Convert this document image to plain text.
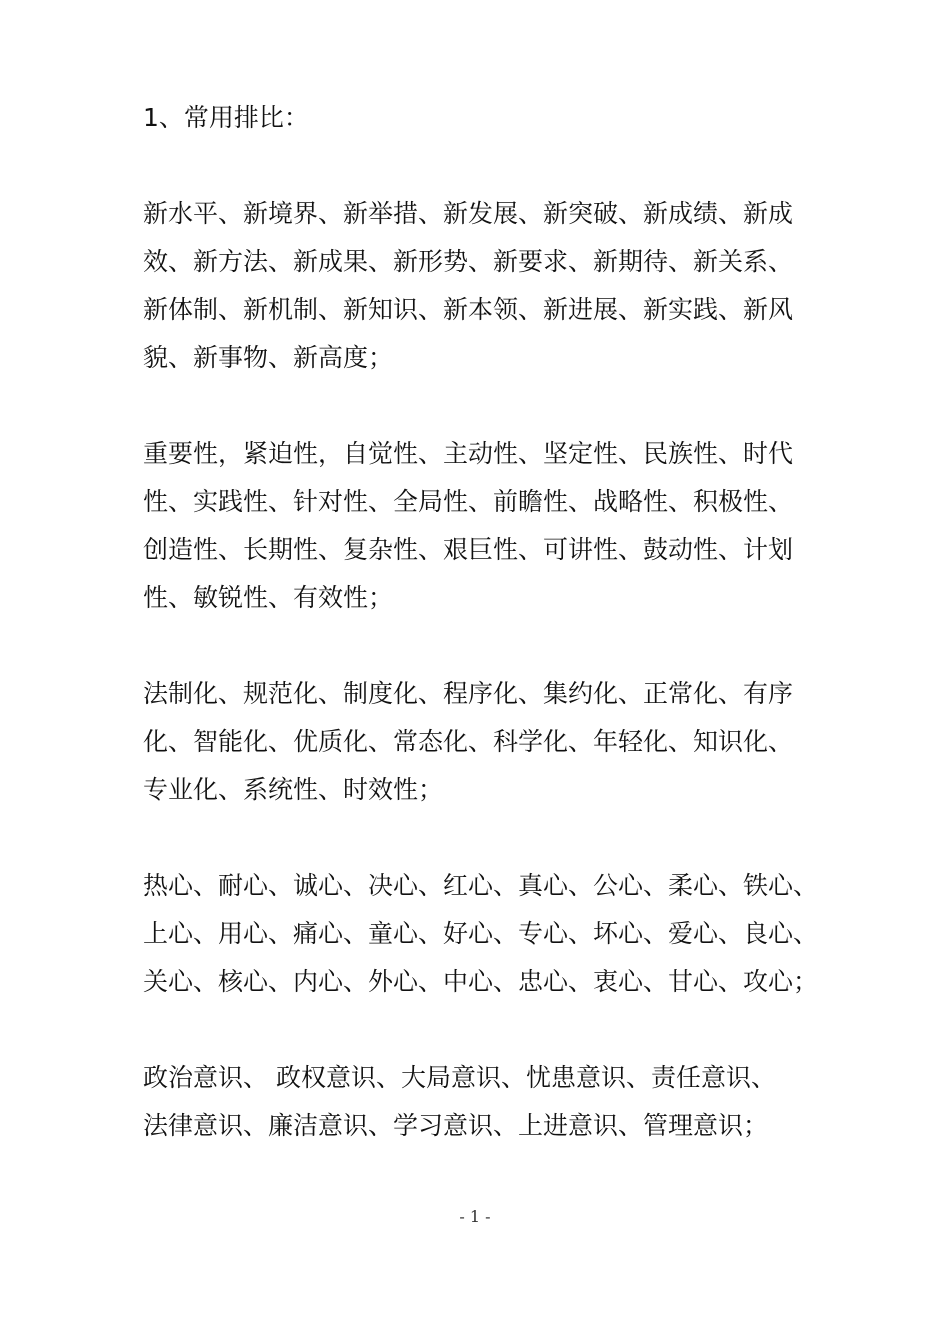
1、常用排比：
新水平、新境界、新举措、新发展、新突破、新成绩、新成
效、新方法、新成果、新形势、新要求、新期待、新关系、
新体制、新机制、新知识、新本领、新进展、新实践、新风
貌、新事物、新高度；
重要性，紧迫性，自觉性、主动性、坚定性、民族性、时代
性、实践性、针对性、全局性、前瞻性、战略性、积极性、
创造性、长期性、复杂性、艰巨性、可讲性、鼓动性、计划
性、敏锐性、有效性；
法制化、规范化、制度化、程序化、集约化、正常化、有序
化、智能化、优质化、常态化、科学化、年轻化、知识化、
专业化、系统性、时效性；
热心、耐心、诚心、决心、红心、真心、公心、柔心、铁心、
上心、用心、痛心、童心、好心、专心、坏心、爱心、良心、
关心、核心、内心、外心、中心、忠心、衷心、甘心、攻心；
政治意识、 政权意识、大局意识、忧患意识、责任意识、
法律意识、廉洁意识、学习意识、上进意识、管理意识；
- 1 -
